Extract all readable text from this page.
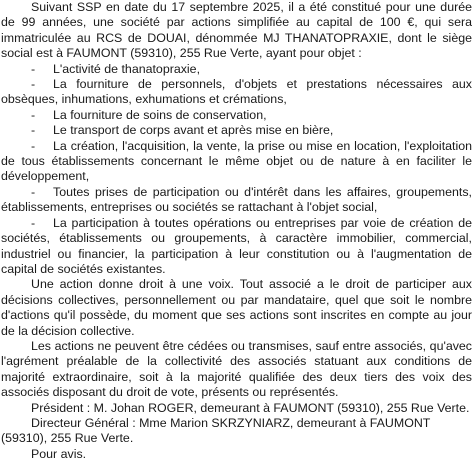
Suivant SSP en date du 17 septembre 2025, il a été constitué pour une durée de 99 années, une société par actions simplifiée au capital de 100 €, qui sera immatriculée au RCS de DOUAI, dénommée MJ THANATOPRAXIE, dont le siège social est à FAUMONT (59310), 255 Rue Verte, ayant pour objet :

- L'activité de thanatopraxie,

- La fourniture de personnels, d'objets et prestations nécessaires aux obsèques, inhumations, exhumations et crémations,

- La fourniture de soins de conservation,

- Le transport de corps avant et après mise en bière,

- La création, l'acquisition, la vente, la prise ou mise en location, l'exploitation de tous établissements concernant le même objet ou de nature à en faciliter le développement,

- Toutes prises de participation ou d'intérêt dans les affaires, groupements, établissements, entreprises ou sociétés se rattachant à l'objet social,

- La participation à toutes opérations ou entreprises par voie de création de sociétés, établissements ou groupements, à caractère immobilier, commercial, industriel ou financier, la participation à leur constitution ou à l'augmentation de capital de sociétés existantes.

Une action donne droit à une voix. Tout associé a le droit de participer aux décisions collectives, personnellement ou par mandataire, quel que soit le nombre d'actions qu'il possède, du moment que ses actions sont inscrites en compte au jour de la décision collective.

Les actions ne peuvent être cédées ou transmises, sauf entre associés, qu'avec l'agrément préalable de la collectivité des associés statuant aux conditions de majorité extraordinaire, soit à la majorité qualifiée des deux tiers des voix des associés disposant du droit de vote, présents ou représentés.

Président : M. Johan ROGER, demeurant à FAUMONT (59310), 255 Rue Verte.

Directeur Général : Mme Marion SKRZYNIARZ, demeurant à FAUMONT (59310), 255 Rue Verte.

Pour avis.
